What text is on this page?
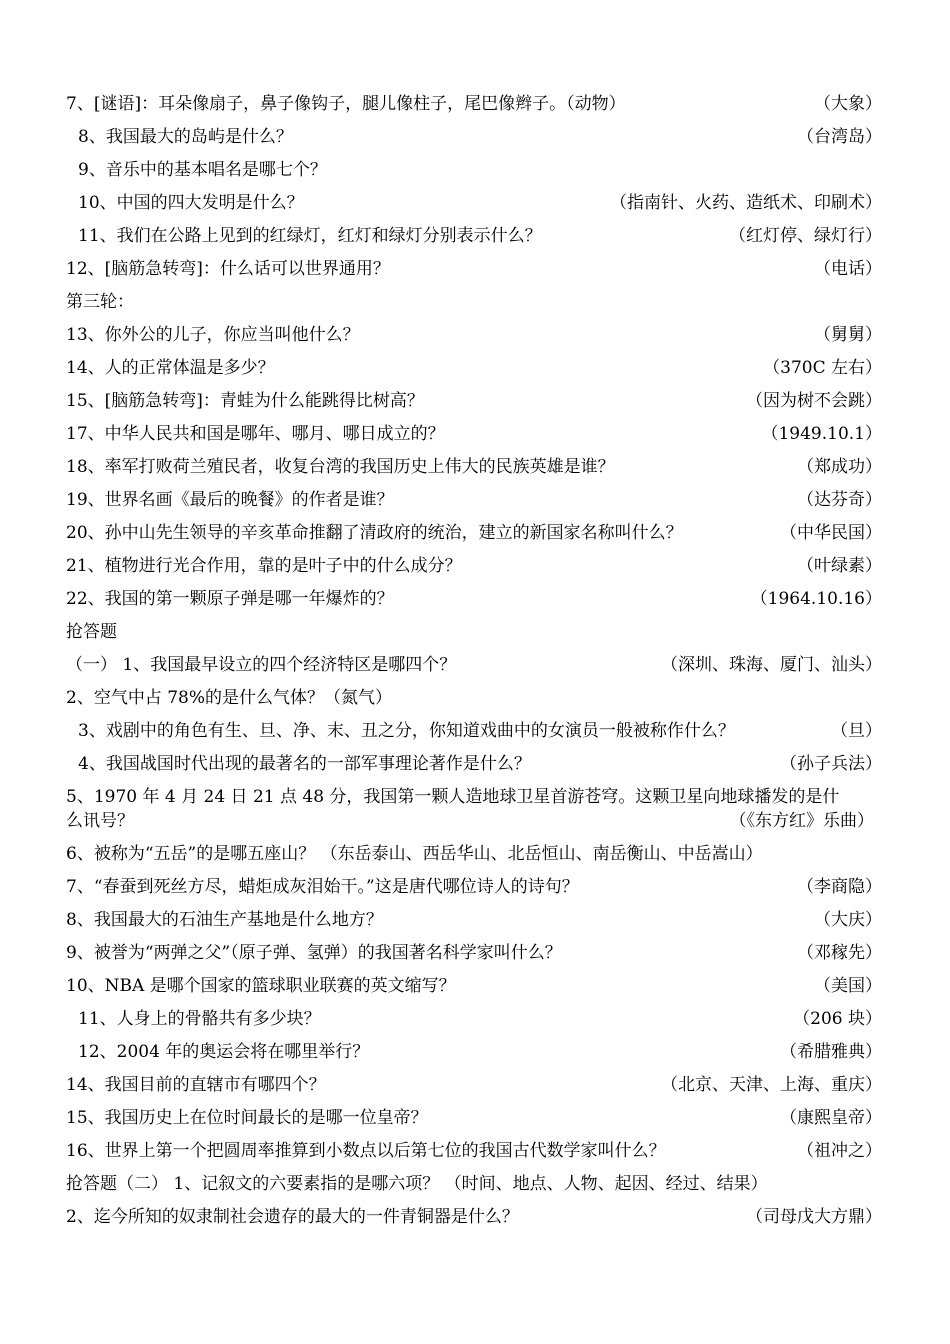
7、[谜语]：耳朵像扇子，鼻子像钩子，腿儿像柱子，尾巴像辫子。（动物）	（大象）
8、我国最大的岛屿是什么？	（台湾岛）
9、音乐中的基本唱名是哪七个？
10、中国的四大发明是什么？	（指南针、火药、造纸术、印刷术）
11、我们在公路上见到的红绿灯，红灯和绿灯分别表示什么？	（红灯停、绿灯行）
12、[脑筋急转弯]：什么话可以世界通用？	（电话）
第三轮：
13、你外公的儿子，你应当叫他什么？	（舅舅）
14、人的正常体温是多少？	（370C 左右）
15、[脑筋急转弯]：青蛙为什么能跳得比树高？	（因为树不会跳）
17、中华人民共和国是哪年、哪月、哪日成立的？	（1949.10.1）
18、率军打败荷兰殖民者，收复台湾的我国历史上伟大的民族英雄是谁？	（郑成功）
19、世界名画《最后的晚餐》的作者是谁？	（达芬奇）
20、孙中山先生领导的辛亥革命推翻了清政府的统治，建立的新国家名称叫什么？	（中华民国）
21、植物进行光合作用，靠的是叶子中的什么成分？	（叶绿素）
22、我国的第一颗原子弹是哪一年爆炸的？	（1964.10.16）
抢答题
（一） 1、我国最早设立的四个经济特区是哪四个？	（深圳、珠海、厦门、汕头）
2、空气中占 78%的是什么气体？（氮气）
3、戏剧中的角色有生、旦、净、末、丑之分，你知道戏曲中的女演员一般被称作什么？	（旦）
4、我国战国时代出现的最著名的一部军事理论著作是什么？	（孙子兵法）
5、1970 年 4 月 24 日 21 点 48 分，我国第一颗人造地球卫星首游苍穹。这颗卫星向地球播发的是什
么讯号？	（《东方红》乐曲）
6、被称为“五岳”的是哪五座山？ （东岳泰山、西岳华山、北岳恒山、南岳衡山、中岳嵩山）
7、“春蚕到死丝方尽，蜡炬成灰泪始干。”这是唐代哪位诗人的诗句？	（李商隐）
8、我国最大的石油生产基地是什么地方？	（大庆）
9、被誉为“两弹之父”（原子弹、氢弹）的我国著名科学家叫什么？	（邓稼先）
10、NBA 是哪个国家的篮球职业联赛的英文缩写？	（美国）
11、人身上的骨骼共有多少块？	（206 块）
12、2004 年的奥运会将在哪里举行？	（希腊雅典）
14、我国目前的直辖市有哪四个？	（北京、天津、上海、重庆）
15、我国历史上在位时间最长的是哪一位皇帝？	（康熙皇帝）
16、世界上第一个把圆周率推算到小数点以后第七位的我国古代数学家叫什么？	（祖冲之）
抢答题（二） 1、记叙文的六要素指的是哪六项？ （时间、地点、人物、起因、经过、结果）
2、迄今所知的奴隶制社会遗存的最大的一件青铜器是什么？	（司母戊大方鼎）
